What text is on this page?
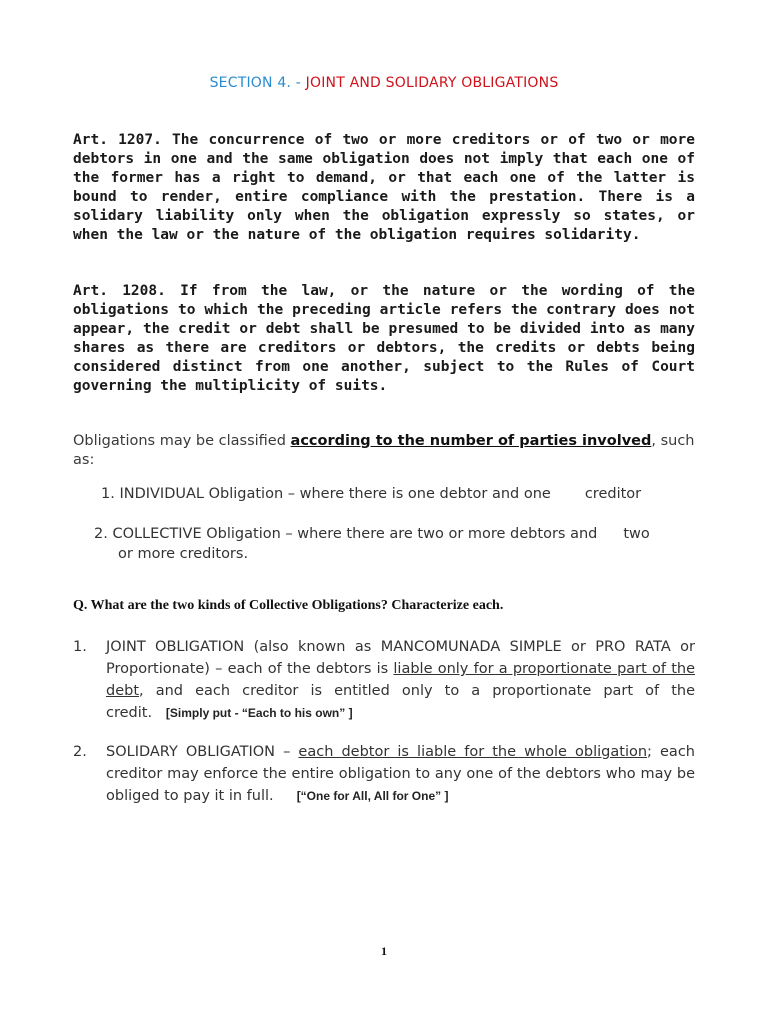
SECTION 4. - JOINT AND SOLIDARY OBLIGATIONS

Art. 1207. The concurrence of two or more creditors or of two or more debtors in one and the same obligation does not imply that each one of the former has a right to demand, or that each one of the latter is bound to render, entire compliance with the prestation. There is a solidary liability only when the obligation expressly so states, or when the law or the nature of the obligation requires solidarity.

Art. 1208. If from the law, or the nature or the wording of the obligations to which the preceding article refers the contrary does not appear, the credit or debt shall be presumed to be divided into as many shares as there are creditors or debtors, the credits or debts being considered distinct from one another, subject to the Rules of Court governing the multiplicity of suits.

Obligations may be classified according to the number of parties involved, such as:

1. INDIVIDUAL Obligation – where there is one debtor and one creditor

2. COLLECTIVE Obligation – where there are two or more debtors and two
or more creditors.

Q. What are the two kinds of Collective Obligations? Characterize each.

1.	JOINT OBLIGATION (also known as MANCOMUNADA SIMPLE or PRO RATA or Proportionate) – each of the debtors is liable only for a proportionate part of the debt, and each creditor is entitled only to a proportionate part of the credit. [Simply put - “Each to his own” ]
2.	SOLIDARY OBLIGATION – each debtor is liable for the whole obligation; each creditor may enforce the entire obligation to any one of the debtors who may be obliged to pay it in full. [“One for All, All for One” ]
1
